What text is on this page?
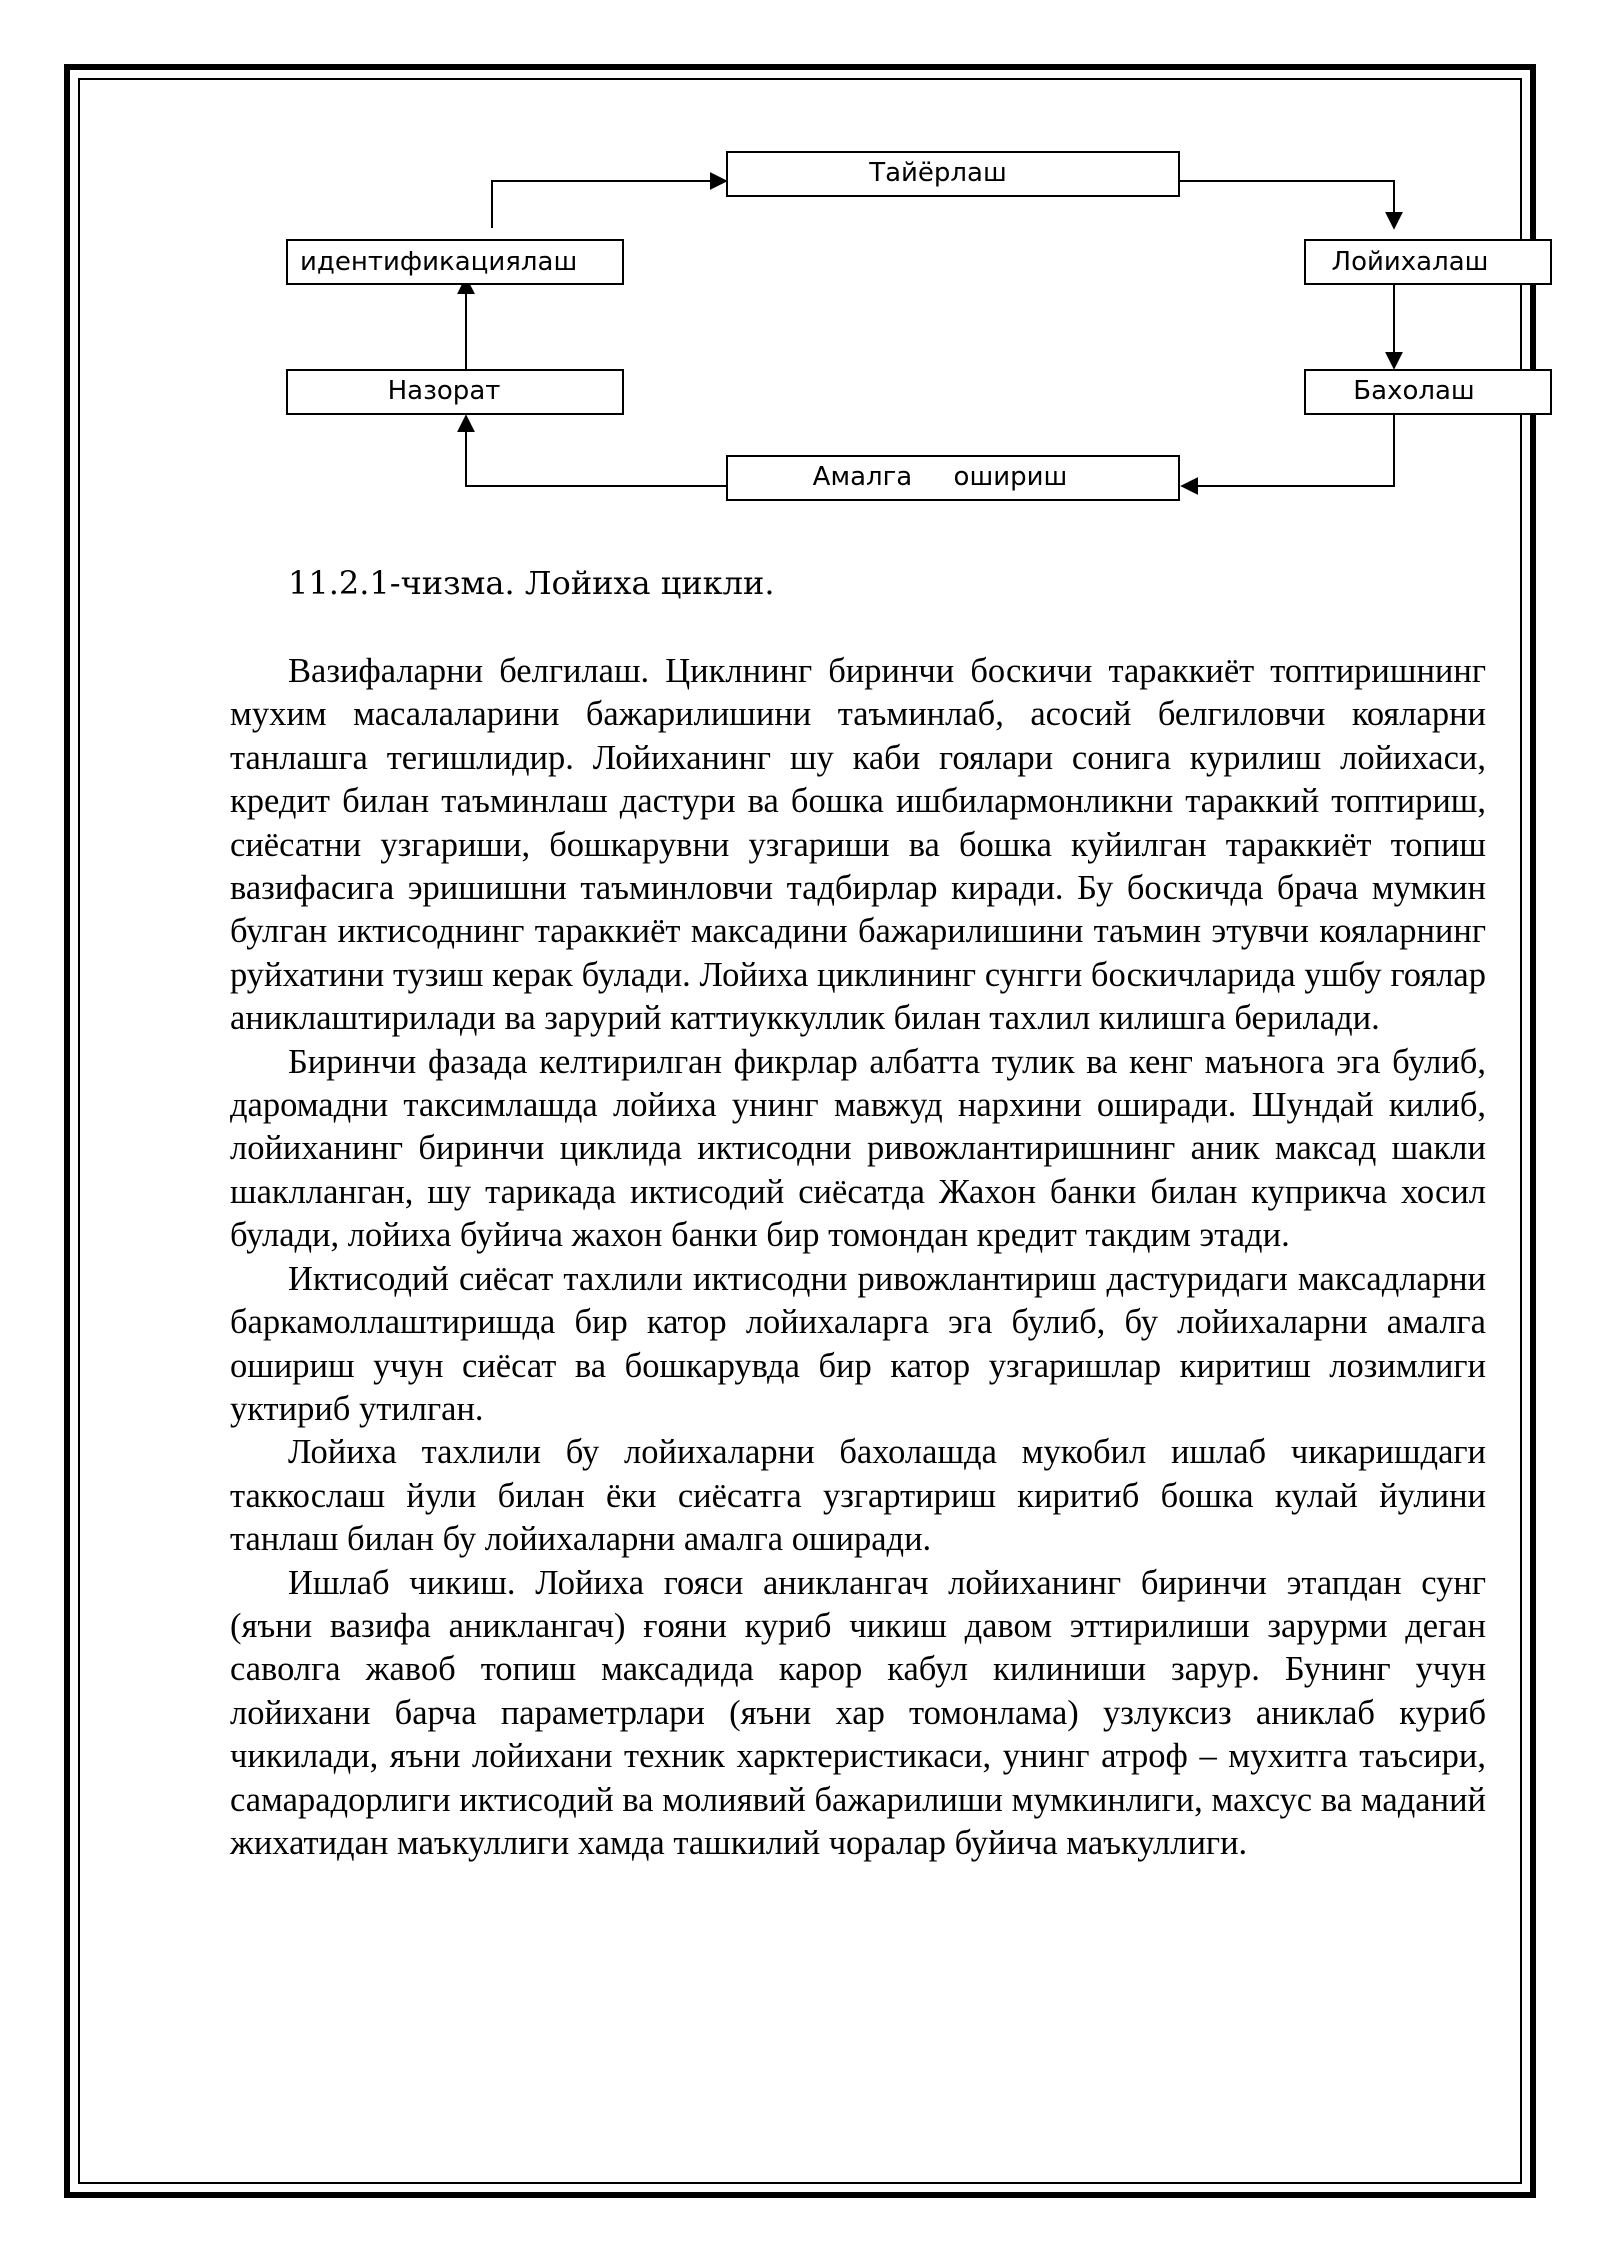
Тайёрлаш
идентификациялаш	Лойихалаш
Назорат	Бахолаш
Амалга     ошириш
11.2.1-чизма. Лойиха цикли.

Вазифаларни белгилаш. Циклнинг биринчи боскичи тараккиёт топтиришнинг мухим масалаларини бажарилишини таъминлаб, асосий белгиловчи кояларни танлашга тегишлидир. Лойиханинг шу каби гоялари сонига курилиш лойихаси, кредит билан таъминлаш дастури ва бошка ишбилармонликни тараккий топтириш, сиёсатни узгариши, бошкарувни узгариши ва бошка куйилган тараккиёт топиш вазифасига эришишни таъминловчи тадбирлар киради. Бу боскичда брача мумкин булган иктисоднинг тараккиёт максадини бажарилишини таъмин этувчи кояларнинг руйхатини тузиш керак булади. Лойиха циклининг сунгги боскичларида ушбу гоялар аниклаштирилади ва зарурий каттиуккуллик билан тахлил килишга берилади.

Биринчи фазада келтирилган фикрлар албатта тулик ва кенг маънога эга булиб, даромадни таксимлашда лойиха унинг мавжуд нархини оширади. Шундай килиб, лойиханинг биринчи циклида иктисодни ривожлантиришнинг аник максад шакли шаклланган, шу тарикада иктисодий сиёсатда Жахон банки билан куприкча хосил булади, лойиха буйича жахон банки бир томондан кредит такдим этади.

Иктисодий сиёсат тахлили иктисодни ривожлантириш дастуридаги максадларни баркамоллаштиришда бир катор лойихаларга эга булиб, бу лойихаларни амалга ошириш учун сиёсат ва бошкарувда бир катор узгаришлар киритиш лозимлиги уктириб утилган.

Лойиха тахлили бу лойихаларни бахолашда мукобил ишлаб чикаришдаги таккослаш йули билан ёки сиёсатга узгартириш киритиб бошка кулай йулини танлаш билан бу лойихаларни амалга оширади.

Ишлаб чикиш. Лойиха гояси аниклангач лойиханинг биринчи этапдан сунг (яъни вазифа аниклангач) ғояни куриб чикиш давом эттирилиши зарурми деган саволга жавоб топиш максадида карор кабул килиниши зарур. Бунинг учун лойихани барча параметрлари (яъни хар томонлама) узлуксиз аниклаб куриб чикилади, яъни лойихани техник харктеристикаси, унинг атроф – мухитга таъсири, самарадорлиги иктисодий ва молиявий бажарилиши мумкинлиги, махсус ва маданий жихатидан маъкуллиги хамда ташкилий чоралар буйича маъкуллиги.
